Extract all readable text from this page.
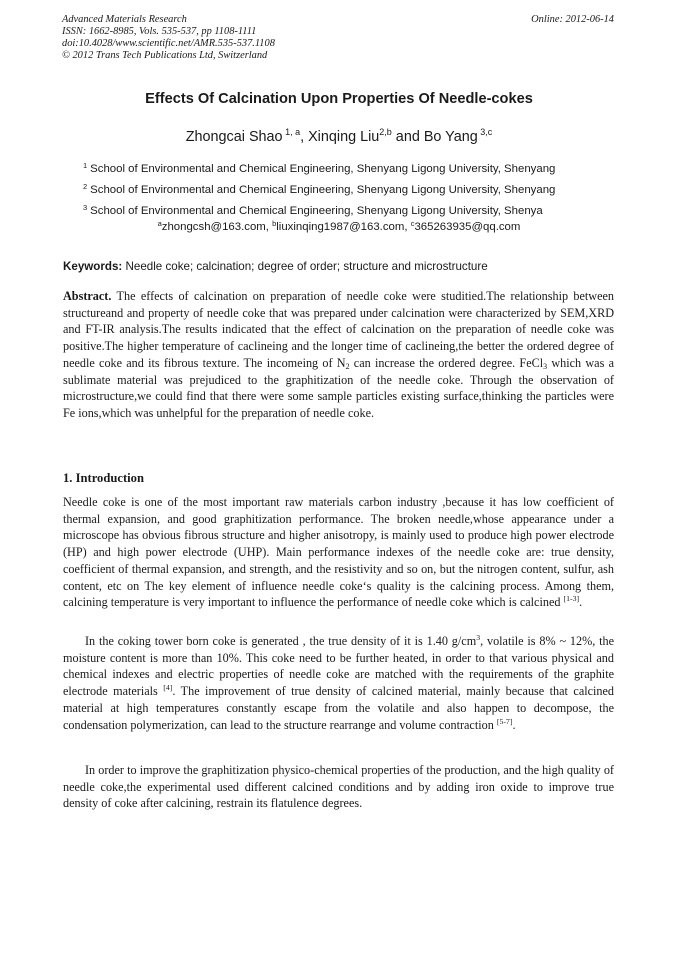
Advanced Materials Research
ISSN: 1662-8985, Vols. 535-537, pp 1108-1111
doi:10.4028/www.scientific.net/AMR.535-537.1108
© 2012 Trans Tech Publications Ltd, Switzerland
Online: 2012-06-14
Effects Of Calcination Upon Properties Of Needle-cokes
Zhongcai Shao $^{1, a}$, Xinqing Liu$^{2,b}$ and Bo Yang $^{3,c}$
$^1$ School of Environmental and Chemical Engineering, Shenyang Ligong University, Shenyang
$^2$ School of Environmental and Chemical Engineering, Shenyang Ligong University, Shenyang
$^3$ School of Environmental and Chemical Engineering, Shenyang Ligong University, Shenya
$^a$zhongcsh@163.com, $^b$liuxinqing1987@163.com, $^c$365263935@qq.com
Keywords: Needle coke; calcination; degree of order; structure and microstructure
Abstract. The effects of calcination on preparation of needle coke were studitied.The relationship between structureand and property of needle coke that was prepared under calcination were characterized by SEM,XRD and FT-IR analysis.The results indicated that the effect of calcination on the preparation of needle coke was positive.The higher temperature of caclineing and the longer time of caclineing,the better the ordered degree of needle coke and its fibrous texture. The incomeing of $N_2$ can increase the ordered degree. FeCl$_3$ which was a sublimate material was prejudiced to the graphitization of the needle coke. Through the observation of microstructure,we could find that there were some sample particles existing surface,thinking the particles were Fe ions,which was unhelpful for the preparation of needle coke.
1. Introduction
Needle coke is one of the most important raw materials carbon industry ,because it has low coefficient of thermal expansion, and good graphitization performance. The broken needle,whose appearance under a microscope has obvious fibrous structure and higher anisotropy, is mainly used to produce high power electrode (HP) and high power electrode (UHP). Main performance indexes of the needle coke are: true density, coefficient of thermal expansion, and strength, and the resistivity and so on, but the nitrogen content, sulfur, ash content, etc on The key element of influence needle coke‘s quality is the calcining process. Among them, calcining temperature is very important to influence the performance of needle coke which is calcined [1-3].
In the coking tower born coke is generated , the true density of it is 1.40 $g/cm^3$, volatile is 8% ~ 12%, the moisture content is more than 10%. This coke need to be further heated, in order to that various physical and chemical indexes and electric properties of needle coke are matched with the requirements of the graphite electrode materials [4]. The improvement of true density of calcined material, mainly because that calcined material at high temperatures constantly escape from the volatile and also happen to decompose, the condensation polymerization, can lead to the structure rearrange and volume contraction [5-7].
In order to improve the graphitization physico-chemical properties of the production, and the high quality of needle coke,the experimental used different calcined conditions and by adding iron oxide to improve true density of coke after calcining, restrain its flatulence degrees.
